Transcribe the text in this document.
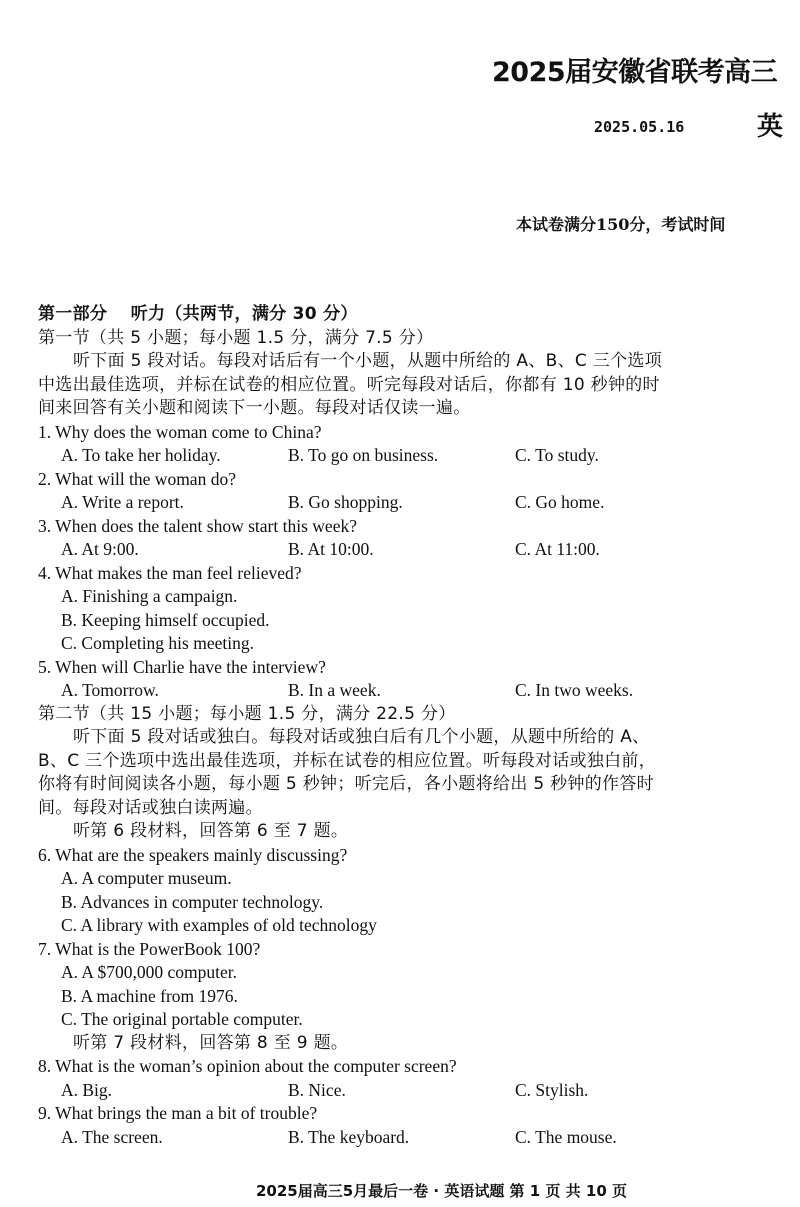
2025届安徽省联考高三
2025.05.16	英
本试卷满分150分，考试时间
第一部分　 听力（共两节，满分 30 分）
第一节（共 5 小题；每小题 1.5 分，满分 7.5 分）
听下面 5 段对话。每段对话后有一个小题，从题中所给的 A、B、C 三个选项
中选出最佳选项，并标在试卷的相应位置。听完每段对话后，你都有 10 秒钟的时
间来回答有关小题和阅读下一小题。每段对话仅读一遍。
1. Why does the woman come to China?
A. To take her holiday.	B. To go on business.	C. To study.
2. What will the woman do?
A. Write a report.	B. Go shopping.	C. Go home.
3. When does the talent show start this week?
A. At 9:00.	B. At 10:00.	C. At 11:00.
4. What makes the man feel relieved?
A. Finishing a campaign.
B. Keeping himself occupied.
C. Completing his meeting.
5. When will Charlie have the interview?
A. Tomorrow.	B. In a week.	C. In two weeks.
第二节（共 15 小题；每小题 1.5 分，满分 22.5 分）
听下面 5 段对话或独白。每段对话或独白后有几个小题，从题中所给的 A、
B、C 三个选项中选出最佳选项，并标在试卷的相应位置。听每段对话或独白前，
你将有时间阅读各小题，每小题 5 秒钟；听完后，各小题将给出 5 秒钟的作答时
间。每段对话或独白读两遍。
听第 6 段材料，回答第 6 至 7 题。
6. What are the speakers mainly discussing?
A. A computer museum.
B. Advances in computer technology.
C. A library with examples of old technology
7. What is the PowerBook 100?
A. A $700,000 computer.
B. A machine from 1976.
C. The original portable computer.
听第 7 段材料，回答第 8 至 9 题。
8. What is the woman’s opinion about the computer screen?
A. Big.	B. Nice.	C. Stylish.
9. What brings the man a bit of trouble?
A. The screen.	B. The keyboard.	C. The mouse.
2025届高三5月最后一卷 · 英语试题 第 1 页 共 10 页
